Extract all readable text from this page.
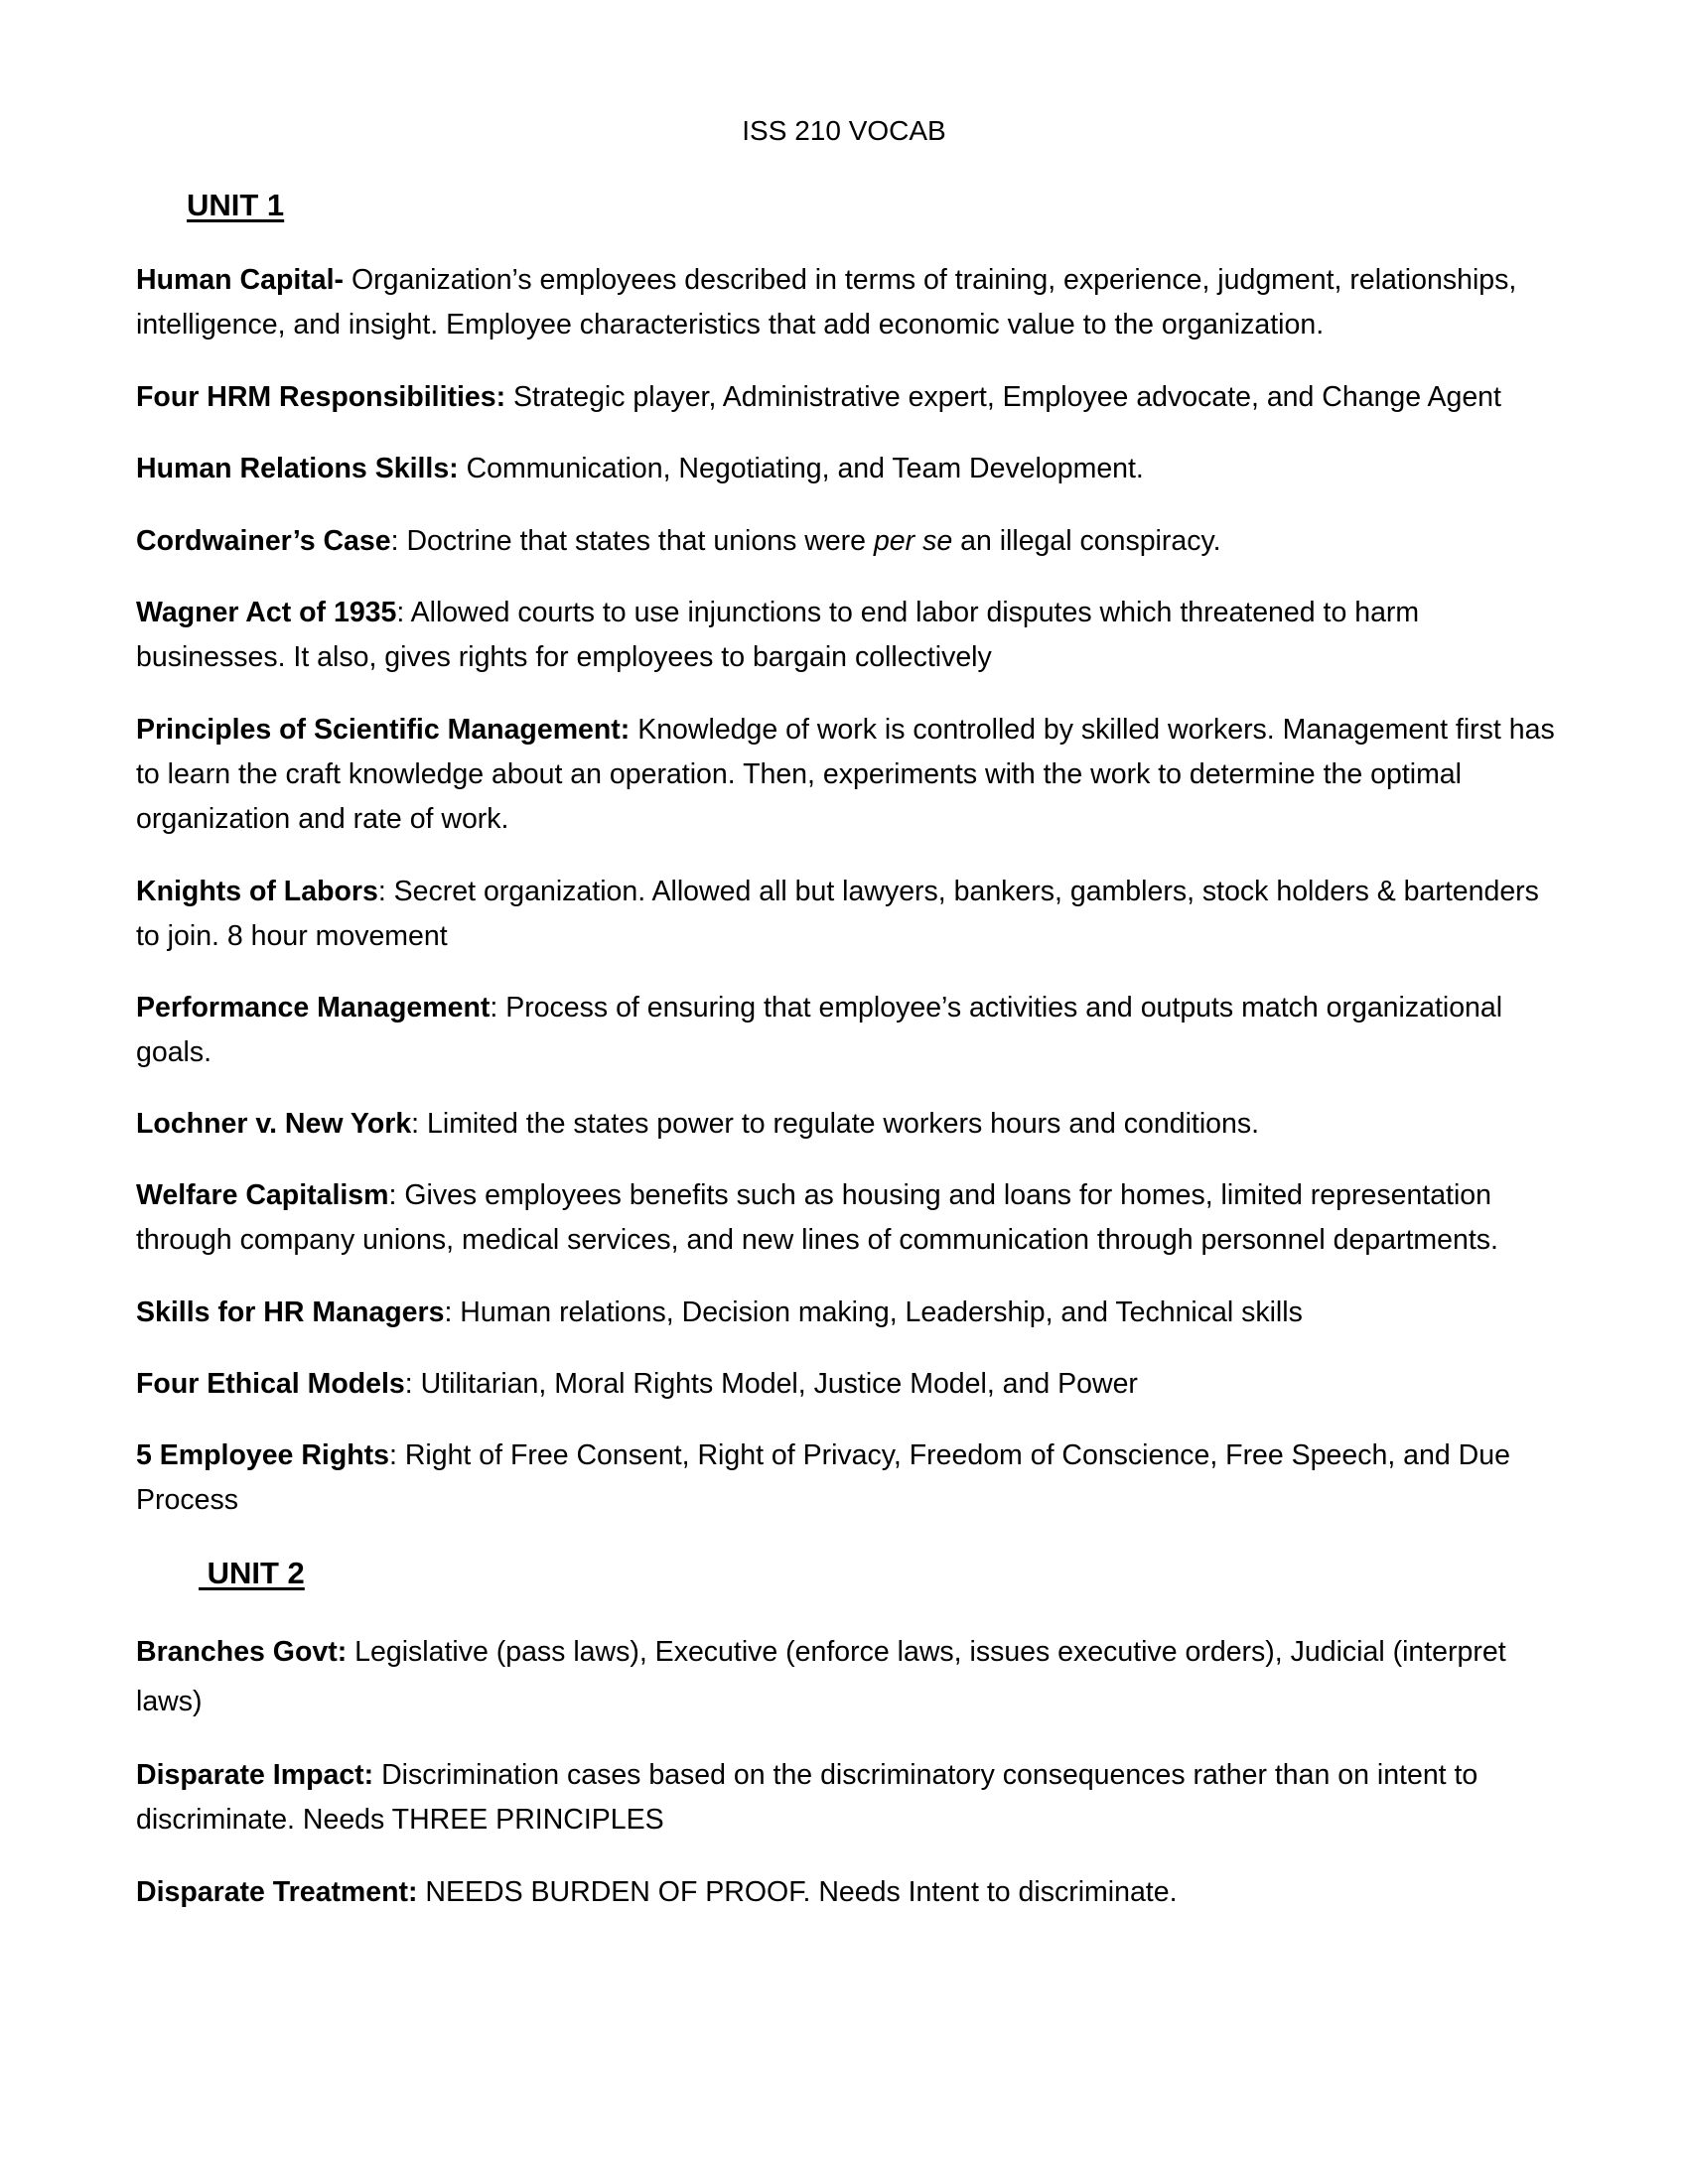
ISS 210 VOCAB
UNIT 1
Human Capital- Organization’s employees described in terms of training, experience, judgment, relationships, intelligence, and insight. Employee characteristics that add economic value to the organization.
Four HRM Responsibilities: Strategic player, Administrative expert, Employee advocate, and Change Agent
Human Relations Skills: Communication, Negotiating, and Team Development.
Cordwainer’s Case: Doctrine that states that unions were per se an illegal conspiracy.
Wagner Act of 1935: Allowed courts to use injunctions to end labor disputes which threatened to harm businesses. It also, gives rights for employees to bargain collectively
Principles of Scientific Management: Knowledge of work is controlled by skilled workers. Management first has to learn the craft knowledge about an operation. Then, experiments with the work to determine the optimal organization and rate of work.
Knights of Labors: Secret organization. Allowed all but lawyers, bankers, gamblers, stock holders & bartenders to join. 8 hour movement
Performance Management: Process of ensuring that employee’s activities and outputs match organizational goals.
Lochner v. New York: Limited the states power to regulate workers hours and conditions.
Welfare Capitalism: Gives employees benefits such as housing and loans for homes, limited representation through company unions, medical services, and new lines of communication through personnel departments.
Skills for HR Managers: Human relations, Decision making, Leadership, and Technical skills
Four Ethical Models: Utilitarian, Moral Rights Model, Justice Model, and Power
5 Employee Rights: Right of Free Consent, Right of Privacy, Freedom of Conscience, Free Speech, and Due Process
UNIT 2
Branches Govt: Legislative (pass laws), Executive (enforce laws, issues executive orders), Judicial (interpret laws)
Disparate Impact: Discrimination cases based on the discriminatory consequences rather than on intent to discriminate. Needs THREE PRINCIPLES
Disparate Treatment: NEEDS BURDEN OF PROOF. Needs Intent to discriminate.
